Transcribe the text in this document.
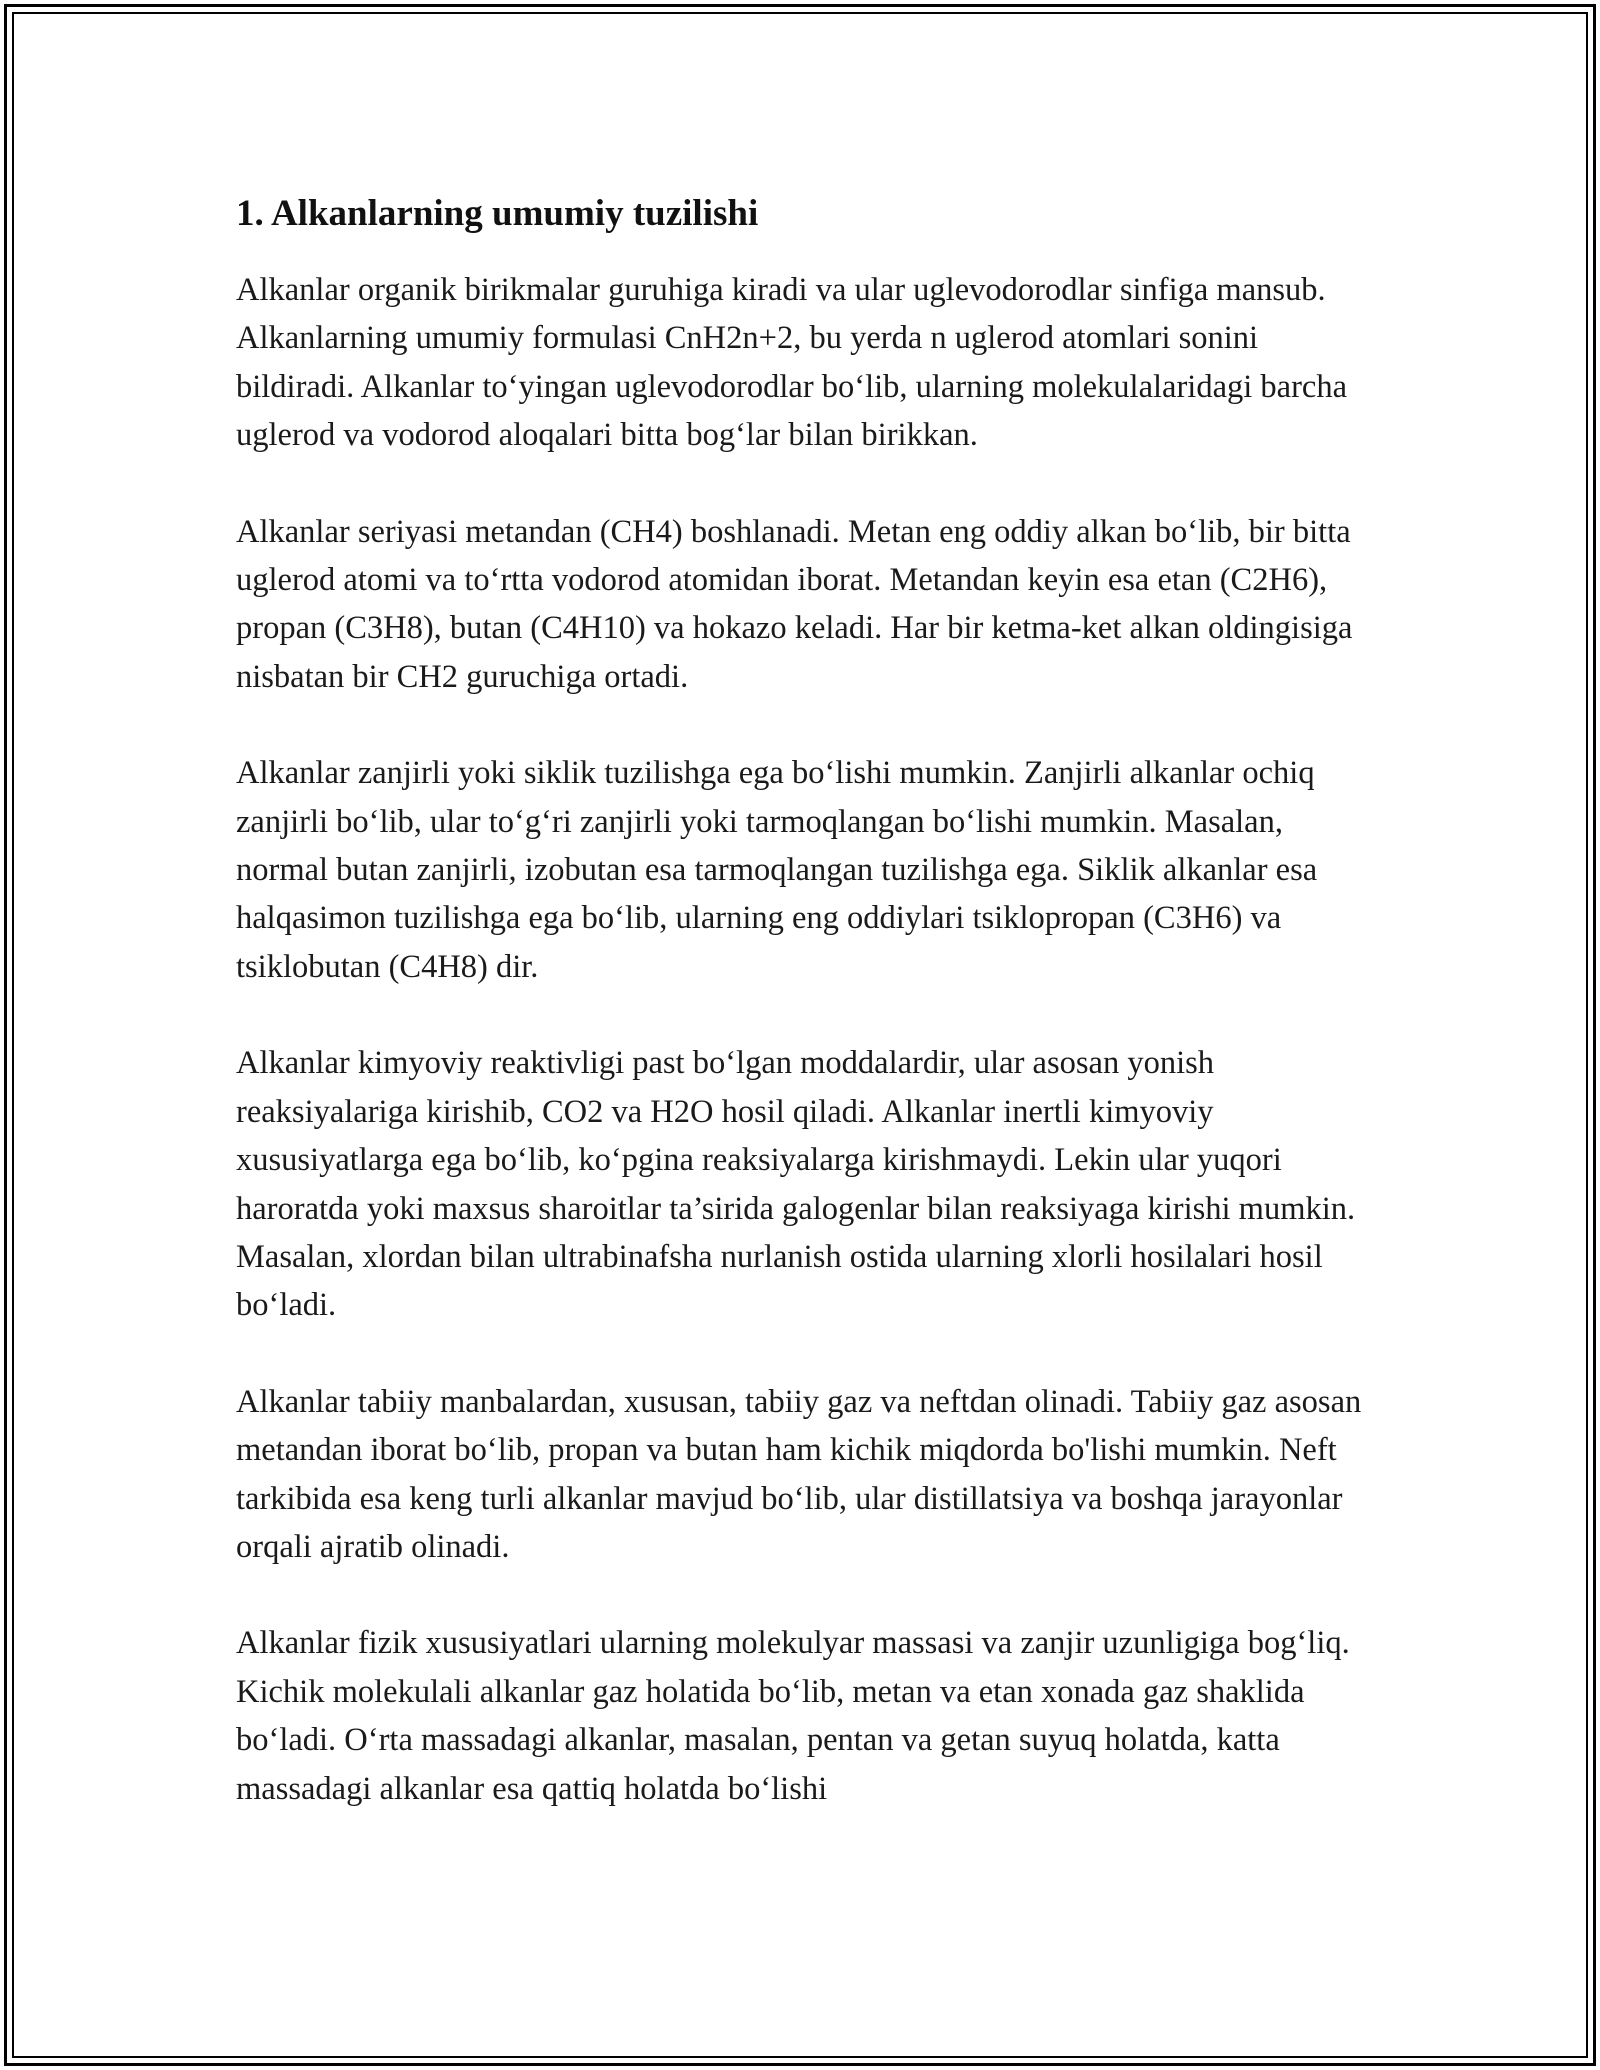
1. Alkanlarning umumiy tuzilishi

Alkanlar organik birikmalar guruhiga kiradi va ular uglevodorodlar sinfiga mansub. Alkanlarning umumiy formulasi CnH2n+2, bu yerda n uglerod atomlari sonini bildiradi. Alkanlar to‘yingan uglevodorodlar bo‘lib, ularning molekulalaridagi barcha uglerod va vodorod aloqalari bitta bog‘lar bilan birikkan.

Alkanlar seriyasi metandan (CH4) boshlanadi. Metan eng oddiy alkan bo‘lib, bir bitta uglerod atomi va to‘rtta vodorod atomidan iborat. Metandan keyin esa etan (C2H6), propan (C3H8), butan (C4H10) va hokazo keladi. Har bir ketma-ket alkan oldingisiga nisbatan bir CH2 guruchiga ortadi.

Alkanlar zanjirli yoki siklik tuzilishga ega bo‘lishi mumkin. Zanjirli alkanlar ochiq zanjirli bo‘lib, ular to‘g‘ri zanjirli yoki tarmoqlangan bo‘lishi mumkin. Masalan, normal butan zanjirli, izobutan esa tarmoqlangan tuzilishga ega. Siklik alkanlar esa halqasimon tuzilishga ega bo‘lib, ularning eng oddiylari tsiklopropan (C3H6) va tsiklobutan (C4H8) dir.

Alkanlar kimyoviy reaktivligi past bo‘lgan moddalardir, ular asosan yonish reaksiyalariga kirishib, CO2 va H2O hosil qiladi. Alkanlar inertli kimyoviy xususiyatlarga ega bo‘lib, ko‘pgina reaksiyalarga kirishmaydi. Lekin ular yuqori haroratda yoki maxsus sharoitlar ta’sirida galogenlar bilan reaksiyaga kirishi mumkin. Masalan, xlordan bilan ultrabinafsha nurlanish ostida ularning xlorli hosilalari hosil bo‘ladi.

Alkanlar tabiiy manbalardan, xususan, tabiiy gaz va neftdan olinadi. Tabiiy gaz asosan metandan iborat bo‘lib, propan va butan ham kichik miqdorda bo'lishi mumkin. Neft tarkibida esa keng turli alkanlar mavjud bo‘lib, ular distillatsiya va boshqa jarayonlar orqali ajratib olinadi.

Alkanlar fizik xususiyatlari ularning molekulyar massasi va zanjir uzunligiga bog‘liq. Kichik molekulali alkanlar gaz holatida bo‘lib, metan va etan xonada gaz shaklida bo‘ladi. O‘rta massadagi alkanlar, masalan, pentan va getan suyuq holatda, katta massadagi alkanlar esa qattiq holatda bo‘lishi
